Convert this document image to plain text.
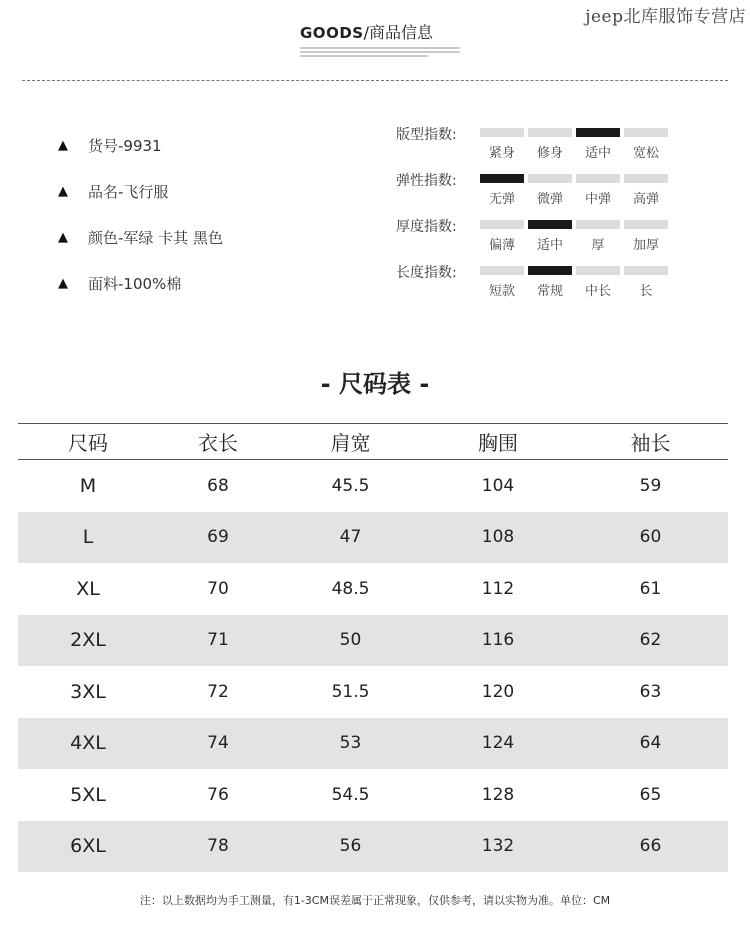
jeep北库服饰专营店
GOODS /商品信息
▲	货号-9931
▲	品名-飞行服
▲	颜色-军绿 卡其 黑色
▲	面料-100%棉
版型指数:
紧身	修身	适中	宽松
弹性指数:
无弹	微弹	中弹	高弹
厚度指数:
偏薄	适中	厚	加厚
长度指数:
短款	常规	中长	长
- 尺码表 -
尺码	衣长	肩宽	胸围	袖长
M	68	45.5	104	59
L	69	47	108	60
XL	70	48.5	112	61
2XL	71	50	116	62
3XL	72	51.5	120	63
4XL	74	53	124	64
5XL	76	54.5	128	65
6XL	78	56	132	66
注：以上数据均为手工测量，有1-3CM误差属于正常现象，仅供参考，请以实物为准。单位：CM
